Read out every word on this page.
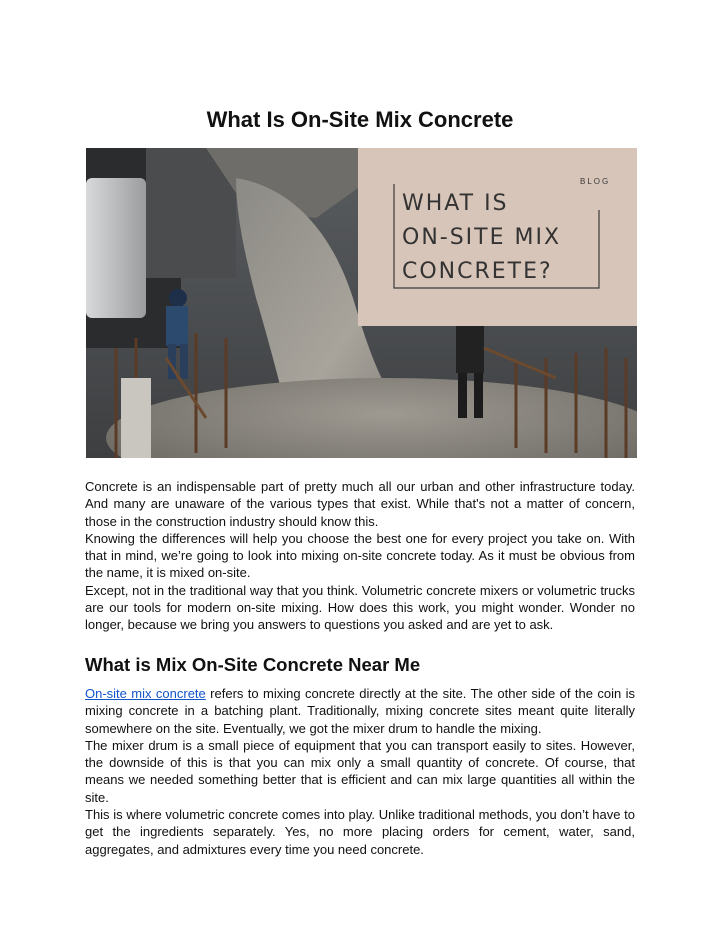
What Is On-Site Mix Concrete
BLOG
WHAT IS
ON-SITE MIX
CONCRETE?

Concrete is an indispensable part of pretty much all our urban and other infrastructure today. And many are unaware of the various types that exist. While that's not a matter of concern, those in the construction industry should know this.

Knowing the differences will help you choose the best one for every project you take on. With that in mind, we’re going to look into mixing on-site concrete today. As it must be obvious from the name, it is mixed on-site.

Except, not in the traditional way that you think. Volumetric concrete mixers or volumetric trucks are our tools for modern on-site mixing. How does this work, you might wonder. Wonder no longer, because we bring you answers to questions you asked and are yet to ask.

What is Mix On-Site Concrete Near Me

On-site mix concrete refers to mixing concrete directly at the site. The other side of the coin is mixing concrete in a batching plant. Traditionally, mixing concrete sites meant quite literally somewhere on the site. Eventually, we got the mixer drum to handle the mixing.

The mixer drum is a small piece of equipment that you can transport easily to sites. However, the downside of this is that you can mix only a small quantity of concrete. Of course, that means we needed something better that is efficient and can mix large quantities all within the site.

This is where volumetric concrete comes into play. Unlike traditional methods, you don’t have to get the ingredients separately. Yes, no more placing orders for cement, water, sand, aggregates, and admixtures every time you need concrete.
